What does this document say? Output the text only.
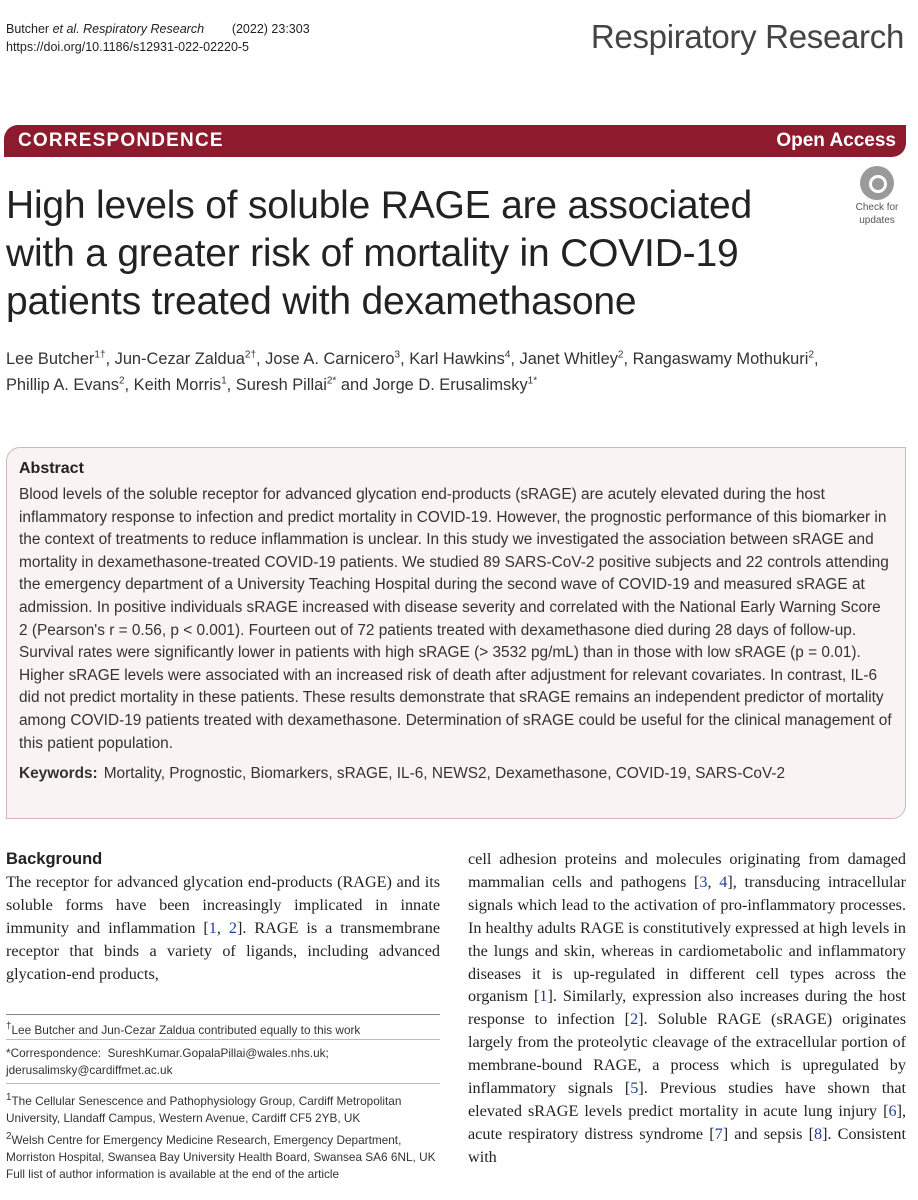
Butcher et al. Respiratory Research (2022) 23:303
https://doi.org/10.1186/s12931-022-02220-5	Respiratory Research
CORRESPONDENCE	Open Access
High levels of soluble RAGE are associated with a greater risk of mortality in COVID-19 patients treated with dexamethasone
Check for
updates
Lee Butcher$^{1\dagger}$, Jun-Cezar Zaldua$^{2\dagger}$, Jose A. Carnicero$^3$, Karl Hawkins$^4$, Janet Whitley$^2$, Rangaswamy Mothukuri$^2$,
Phillip A. Evans$^2$, Keith Morris$^1$, Suresh Pillai$^{2*}$ and Jorge D. Erusalimsky$^{1*}$
Abstract

Blood levels of the soluble receptor for advanced glycation end-products (sRAGE) are acutely elevated during the host inflammatory response to infection and predict mortality in COVID-19. However, the prognostic performance of this biomarker in the context of treatments to reduce inflammation is unclear. In this study we investigated the association between sRAGE and mortality in dexamethasone-treated COVID-19 patients. We studied 89 SARS-CoV-2 positive subjects and 22 controls attending the emergency department of a University Teaching Hospital during the second wave of COVID-19 and measured sRAGE at admission. In positive individuals sRAGE increased with disease severity and correlated with the National Early Warning Score 2 (Pearson's r = 0.56, p < 0.001). Fourteen out of 72 patients treated with dexamethasone died during 28 days of follow-up. Survival rates were significantly lower in patients with high sRAGE (> 3532 pg/mL) than in those with low sRAGE (p = 0.01). Higher sRAGE levels were associated with an increased risk of death after adjustment for relevant covariates. In contrast, IL-6 did not predict mortality in these patients. These results demonstrate that sRAGE remains an independent predictor of mortality among COVID-19 patients treated with dexamethasone. Determination of sRAGE could be useful for the clinical management of this patient population.

Keywords: Mortality, Prognostic, Biomarkers, sRAGE, IL-6, NEWS2, Dexamethasone, COVID-19, SARS-CoV-2
Background
The receptor for advanced glycation end-products (RAGE) and its soluble forms have been increasingly implicated in innate immunity and inflammation [1, 2]. RAGE is a transmembrane receptor that binds a variety of ligands, including advanced glycation-end products,
cell adhesion proteins and molecules originating from damaged mammalian cells and pathogens [3, 4], transducing intracellular signals which lead to the activation of pro-inflammatory processes. In healthy adults RAGE is constitutively expressed at high levels in the lungs and skin, whereas in cardiometabolic and inflammatory diseases it is up-regulated in different cell types across the organism [1]. Similarly, expression also increases during the host response to infection [2]. Soluble RAGE (sRAGE) originates largely from the proteolytic cleavage of the extracellular portion of membrane-bound RAGE, a process which is upregulated by inflammatory signals [5]. Previous studies have shown that elevated sRAGE levels predict mortality in acute lung injury [6], acute respiratory distress syndrome [7] and sepsis [8]. Consistent with
†Lee Butcher and Jun-Cezar Zaldua contributed equally to this work
*Correspondence: SureshKumar.GopalaPillai@wales.nhs.uk;
jderusalimsky@cardiffmet.ac.uk
$^1$The Cellular Senescence and Pathophysiology Group, Cardiff Metropolitan University, Llandaff Campus, Western Avenue, Cardiff CF5 2YB, UK
$^2$Welsh Centre for Emergency Medicine Research, Emergency Department, Morriston Hospital, Swansea Bay University Health Board, Swansea SA6 6NL, UK
Full list of author information is available at the end of the article
